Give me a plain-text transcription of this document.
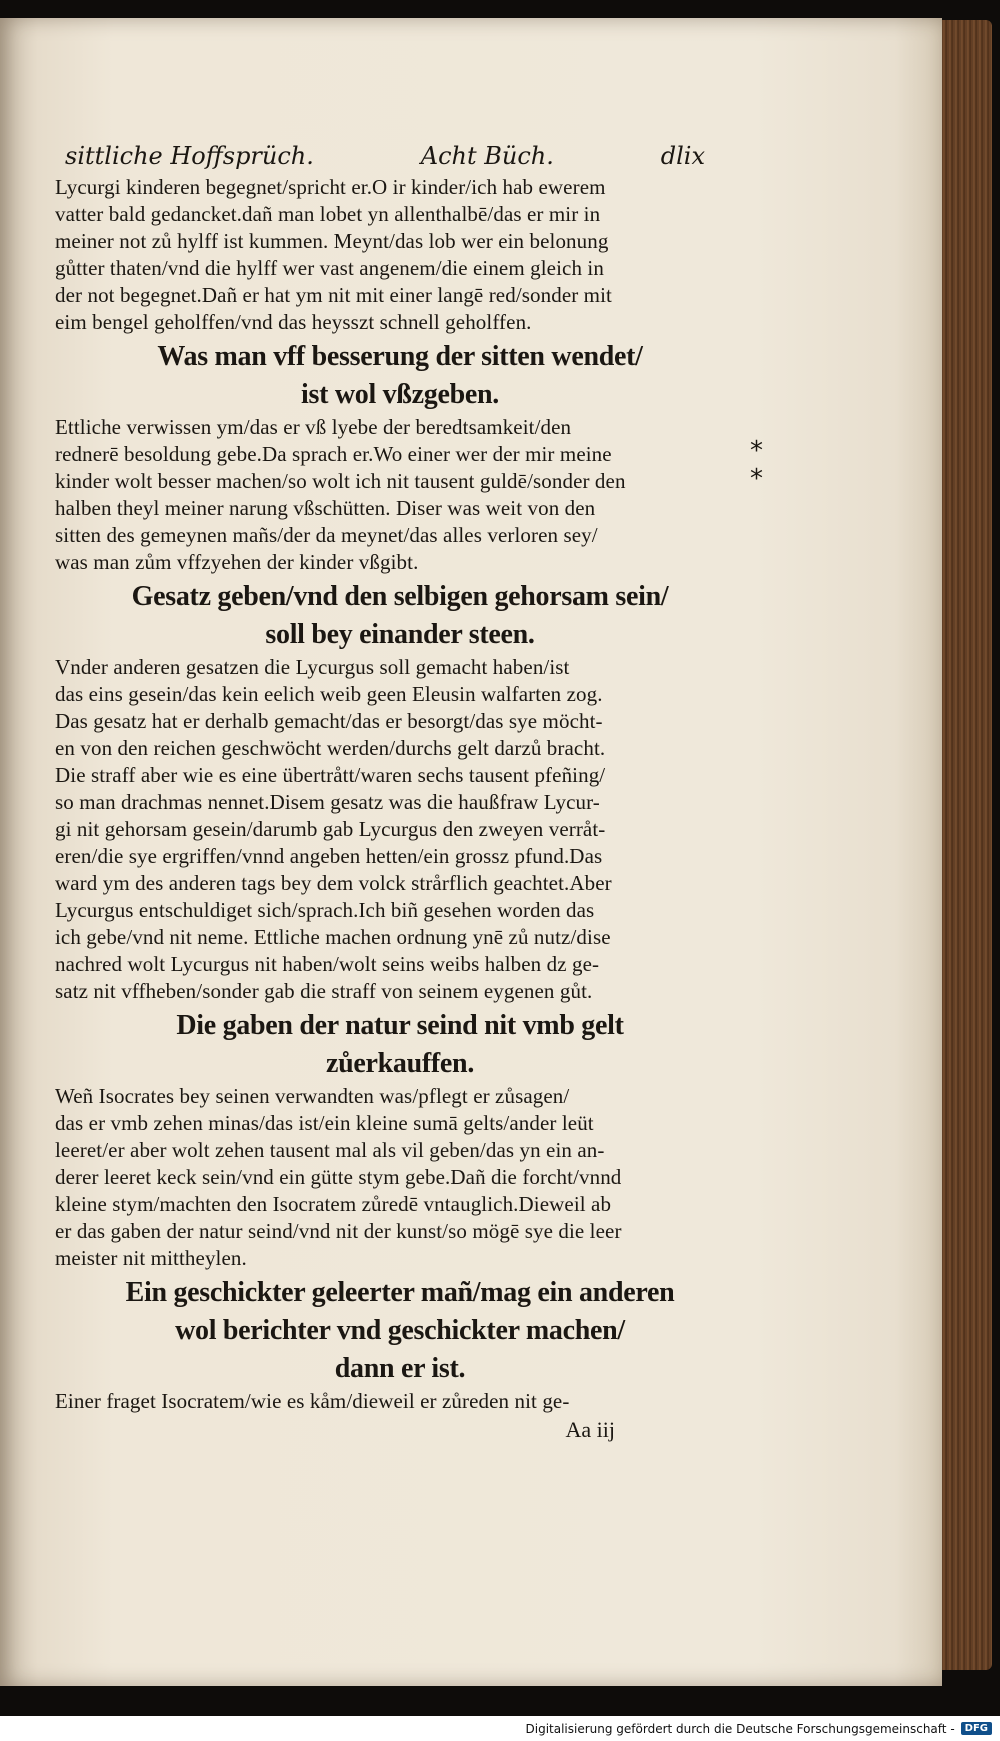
sittliche Hoffsprüch.	Acht Büch.	dlix
Lycurgi kinderen begegnet/spricht er.O ir kinder/ich hab ewerem
vatter bald gedancket.dañ man lobet yn allenthalbē/das er mir in
meiner not zů hylff ist kummen. Meynt/das lob wer ein belonung
gůtter thaten/vnd die hylff wer vast angenem/die einem gleich in
der not begegnet.Dañ er hat ym nit mit einer langē red/sonder mit
eim bengel geholffen/vnd das heysszt schnell geholffen.
Was man vff besserung der sitten wendet/
ist wol vßzgeben.
Ettliche verwissen ym/das er vß lyebe der beredtsamkeit/den
rednerē besoldung gebe.Da sprach er.Wo einer wer der mir meine
kinder wolt besser machen/so wolt ich nit tausent guldē/sonder den
halben theyl meiner narung vßschütten. Diser was weit von den
sitten des gemeynen mañs/der da meynet/das alles verloren sey/
was man zům vffzyehen der kinder vßgibt.
Gesatz geben/vnd den selbigen gehorsam sein/
soll bey einander steen.
Vnder anderen gesatzen die Lycurgus soll gemacht haben/ist
das eins gesein/das kein eelich weib geen Eleusin walfarten zog.
Das gesatz hat er derhalb gemacht/das er besorgt/das sye möcht-
en von den reichen geschwöcht werden/durchs gelt darzů bracht.
Die straff aber wie es eine übertrått/waren sechs tausent pfeñing/
so man drachmas nennet.Disem gesatz was die haußfraw Lycur-
gi nit gehorsam gesein/darumb gab Lycurgus den zweyen verråt-
eren/die sye ergriffen/vnnd angeben hetten/ein grossz pfund.Das
ward ym des anderen tags bey dem volck strårflich geachtet.Aber
Lycurgus entschuldiget sich/sprach.Ich biñ gesehen worden das
ich gebe/vnd nit neme. Ettliche machen ordnung ynē zů nutz/dise
nachred wolt Lycurgus nit haben/wolt seins weibs halben dz ge-
satz nit vffheben/sonder gab die straff von seinem eygenen gůt.
Die gaben der natur seind nit vmb gelt
zůerkauffen.
Weñ Isocrates bey seinen verwandten was/pflegt er zůsagen/
das er vmb zehen minas/das ist/ein kleine sumā gelts/ander leüt
leeret/er aber wolt zehen tausent mal als vil geben/das yn ein an-
derer leeret keck sein/vnd ein gütte stym gebe.Dañ die forcht/vnnd
kleine stym/machten den Isocratem zůredē vntauglich.Dieweil ab
er das gaben der natur seind/vnd nit der kunst/so mögē sye die leer
meister nit mittheylen.
Ein geschickter geleerter mañ/mag ein anderen
wol berichter vnd geschickter machen/
dann er ist.
Einer fraget Isocratem/wie es kåm/dieweil er zůreden nit ge-
Aa iij
*
*
Digitalisierung gefördert durch die Deutsche Forschungsgemeinschaft -	DFG
